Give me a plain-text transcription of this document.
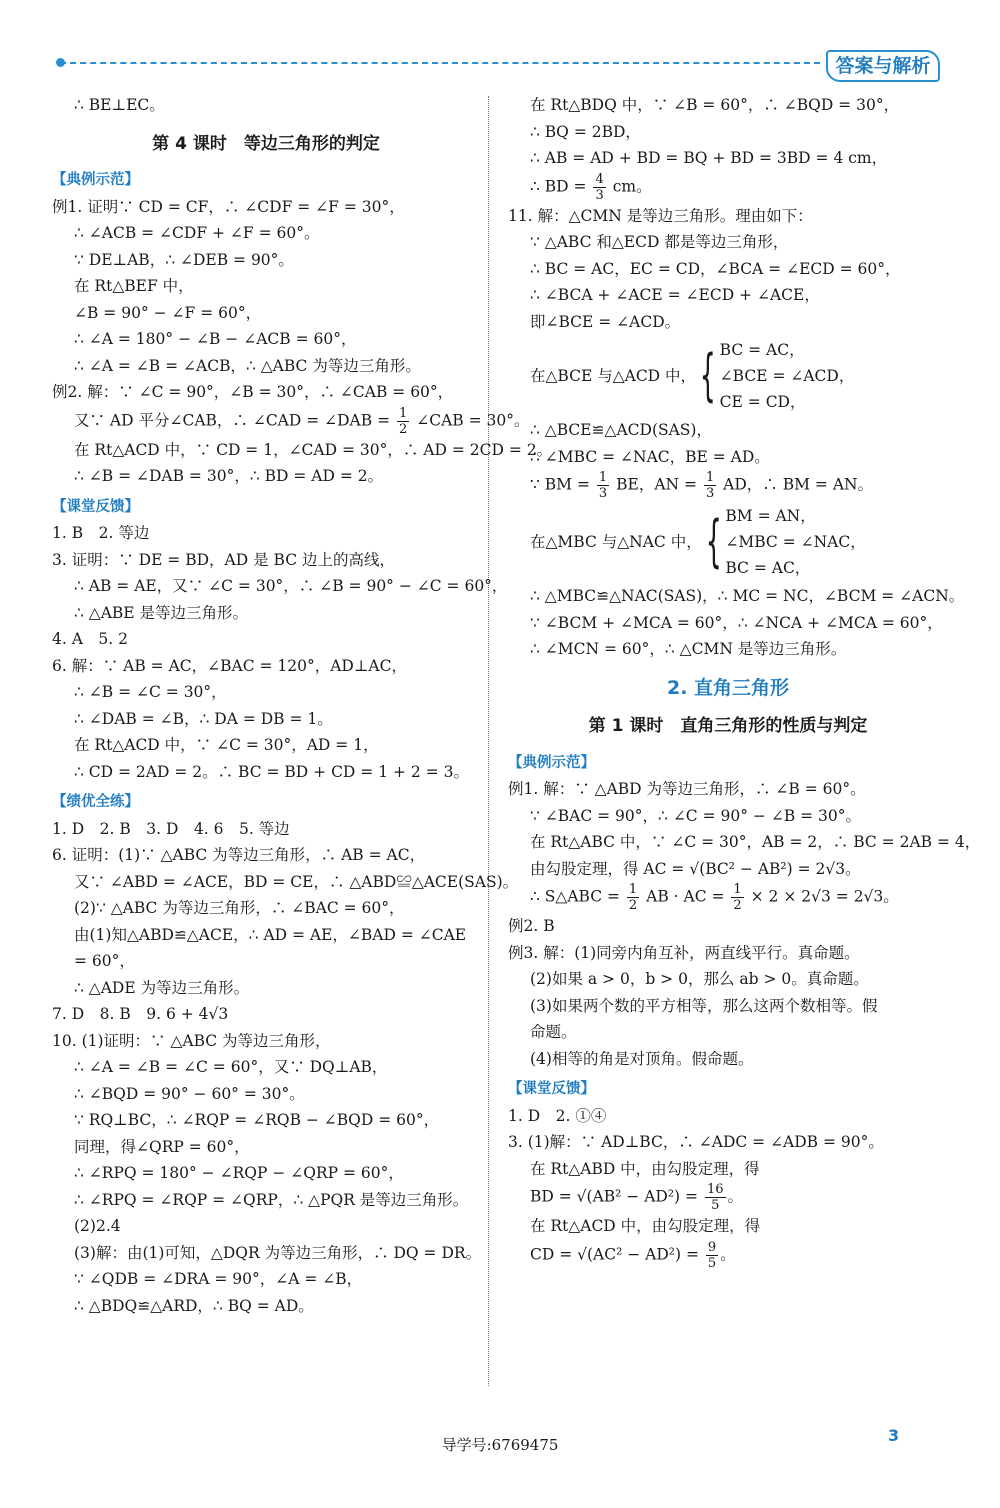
答案与解析
∴ BE⊥EC。
第 4 课时　等边三角形的判定
【典例示范】
例1. 证明∵ CD = CF，∴ ∠CDF = ∠F = 30°，
∴ ∠ACB = ∠CDF + ∠F = 60°。
∵ DE⊥AB，∴ ∠DEB = 90°。
在 Rt△BEF 中，
∠B = 90° − ∠F = 60°，
∴ ∠A = 180° − ∠B − ∠ACB = 60°，
∴ ∠A = ∠B = ∠ACB，∴ △ABC 为等边三角形。
例2. 解：∵ ∠C = 90°，∠B = 30°，∴ ∠CAB = 60°，
又∵ AD 平分∠CAB，∴ ∠CAD = ∠DAB = $\frac{1}{2}$ ∠CAB = 30°。
在 Rt△ACD 中，∵ CD = 1，∠CAD = 30°，∴ AD = 2CD = 2。
∴ ∠B = ∠DAB = 30°，∴ BD = AD = 2。
【课堂反馈】
1. B　2. 等边
3. 证明：∵ DE = BD，AD 是 BC 边上的高线，
∴ AB = AE，又∵ ∠C = 30°，∴ ∠B = 90° − ∠C = 60°，
∴ △ABE 是等边三角形。
4. A　5. 2
6. 解：∵ AB = AC，∠BAC = 120°，AD⊥AC，
∴ ∠B = ∠C = 30°，
∴ ∠DAB = ∠B，∴ DA = DB = 1。
在 Rt△ACD 中，∵ ∠C = 30°，AD = 1，
∴ CD = 2AD = 2。∴ BC = BD + CD = 1 + 2 = 3。
【绩优全练】
1. D　2. B　3. D　4. 6　5. 等边
6. 证明：(1)∵ △ABC 为等边三角形，∴ AB = AC，
又∵ ∠ABD = ∠ACE，BD = CE，∴ △ABD≌△ACE(SAS)。
(2)∵ △ABC 为等边三角形，∴ ∠BAC = 60°，
由(1)知△ABD≌△ACE，∴ AD = AE，∠BAD = ∠CAE
= 60°，
∴ △ADE 为等边三角形。
7. D　8. B　9. 6 + 4√3
10. (1)证明：∵ △ABC 为等边三角形，
∴ ∠A = ∠B = ∠C = 60°，又∵ DQ⊥AB，
∴ ∠BQD = 90° − 60° = 30°。
∵ RQ⊥BC，∴ ∠RQP = ∠RQB − ∠BQD = 60°，
同理，得∠QRP = 60°，
∴ ∠RPQ = 180° − ∠RQP − ∠QRP = 60°，
∴ ∠RPQ = ∠RQP = ∠QRP，∴ △PQR 是等边三角形。
(2)2.4
(3)解：由(1)可知，△DQR 为等边三角形，∴ DQ = DR。
∵ ∠QDB = ∠DRA = 90°，∠A = ∠B，
∴ △BDQ≌△ARD，∴ BQ = AD。
在 Rt△BDQ 中，∵ ∠B = 60°，∴ ∠BQD = 30°，
∴ BQ = 2BD，
∴ AB = AD + BD = BQ + BD = 3BD = 4 cm，
∴ BD = $\frac{4}{3}$ cm。
11. 解：△CMN 是等边三角形。理由如下：
∵ △ABC 和△ECD 都是等边三角形，
∴ BC = AC，EC = CD，∠BCA = ∠ECD = 60°，
∴ ∠BCA + ∠ACE = ∠ECD + ∠ACE，
即∠BCE = ∠ACD。
在△BCE 与△ACD 中， { BC = AC，
∠BCE = ∠ACD，
CE = CD，
∴ △BCE≌△ACD(SAS)，
∴ ∠MBC = ∠NAC，BE = AD。
∵ BM = $\frac{1}{3}$ BE，AN = $\frac{1}{3}$ AD，∴ BM = AN。
在△MBC 与△NAC 中， { BM = AN，
∠MBC = ∠NAC，
BC = AC，
∴ △MBC≌△NAC(SAS)，∴ MC = NC，∠BCM = ∠ACN。
∵ ∠BCM + ∠MCA = 60°，∴ ∠NCA + ∠MCA = 60°，
∴ ∠MCN = 60°，∴ △CMN 是等边三角形。
2. 直角三角形
第 1 课时　直角三角形的性质与判定
【典例示范】
例1. 解：∵ △ABD 为等边三角形，∴ ∠B = 60°。
∵ ∠BAC = 90°，∴ ∠C = 90° − ∠B = 30°。
在 Rt△ABC 中，∵ ∠C = 30°，AB = 2，∴ BC = 2AB = 4，
由勾股定理，得 AC = √(BC² − AB²) = 2√3。
∴ S△ABC = $\frac{1}{2}$ AB · AC = $\frac{1}{2} \times 2 \times 2√3 = 2√3$。
例2. B
例3. 解：(1)同旁内角互补，两直线平行。真命题。
(2)如果 a > 0，b > 0，那么 ab > 0。真命题。
(3)如果两个数的平方相等，那么这两个数相等。假
命题。
(4)相等的角是对顶角。假命题。
【课堂反馈】
1. D　2. ①④
3. (1)解：∵ AD⊥BC，∴ ∠ADC = ∠ADB = 90°。
在 Rt△ABD 中，由勾股定理，得
BD = $√(AB^2 - AD^2) = \frac{16}{5}$ 。
在 Rt△ACD 中，由勾股定理，得
CD = $√(AC^2 - AD^2) = \frac{9}{5}$ 。
导学号:6769475	3
